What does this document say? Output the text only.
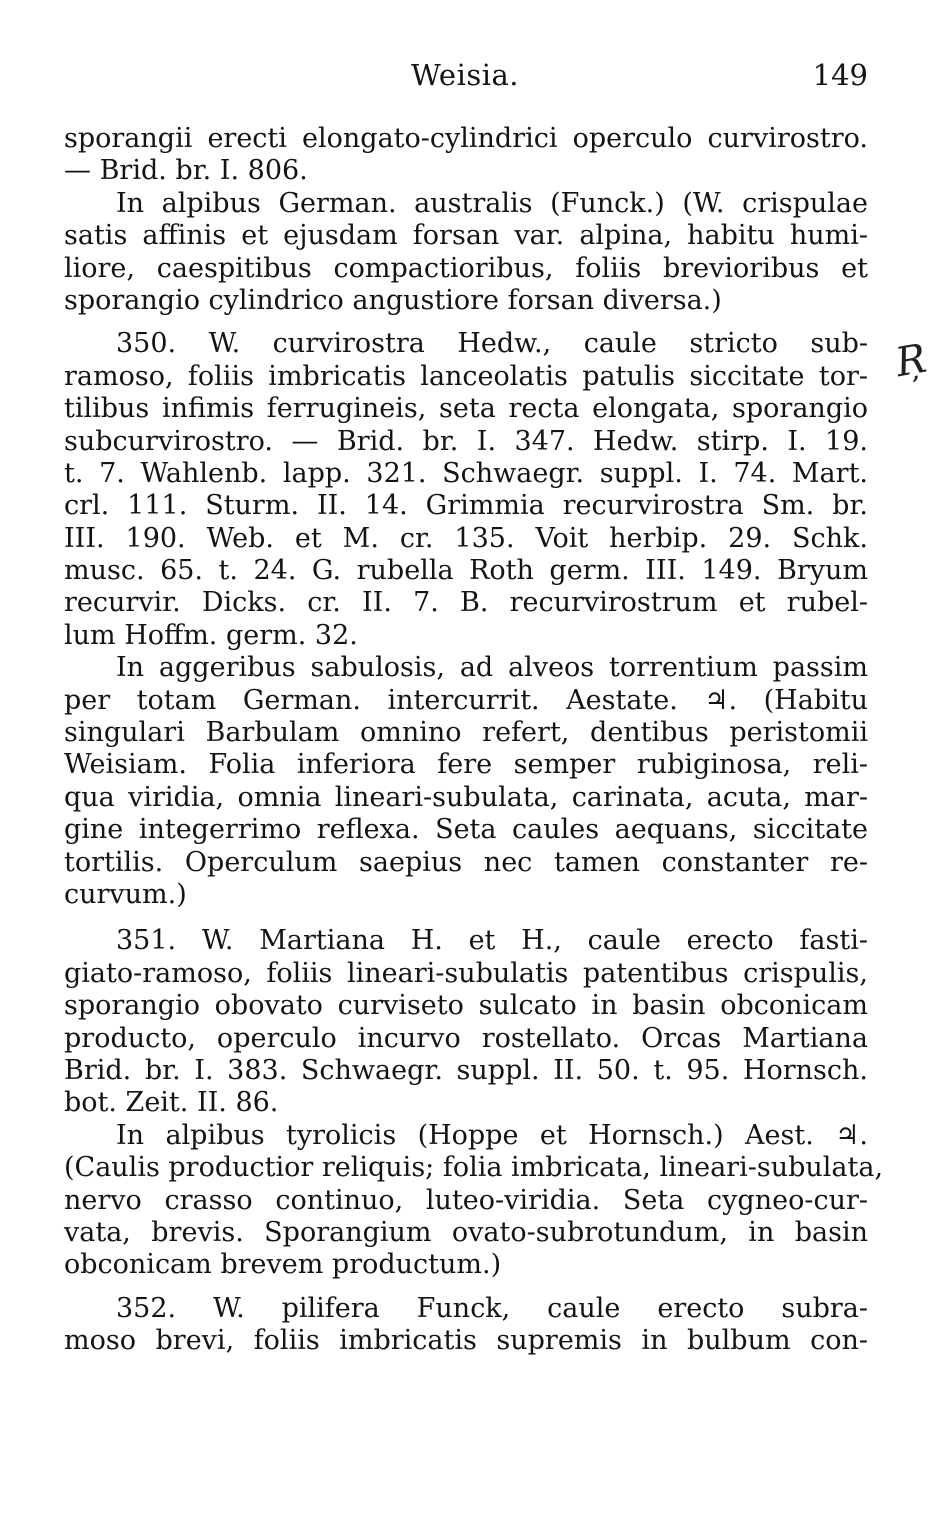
Weisia.	149
Ŗ
sporangii erecti elongato-cylindrici operculo curvirostro.
— Brid. br. I. 806.
In alpibus German. australis (Funck.) (W. crispulae
satis affinis et ejusdam forsan var. alpina, habitu humi-
liore, caespitibus compactioribus, foliis brevioribus et
sporangio cylindrico angustiore forsan diversa.)
350. W. curvirostra Hedw., caule stricto sub-
ramoso, foliis imbricatis lanceolatis patulis siccitate tor-
tilibus infimis ferrugineis, seta recta elongata, sporangio
subcurvirostro. — Brid. br. I. 347. Hedw. stirp. I. 19.
t. 7. Wahlenb. lapp. 321. Schwaegr. suppl. I. 74. Mart.
crl. 111. Sturm. II. 14. Grimmia recurvirostra Sm. br.
III. 190. Web. et M. cr. 135. Voit herbip. 29. Schk.
musc. 65. t. 24. G. rubella Roth germ. III. 149. Bryum
recurvir. Dicks. cr. II. 7. B. recurvirostrum et rubel-
lum Hoffm. germ. 32.
In aggeribus sabulosis, ad alveos torrentium passim
per totam German. intercurrit. Aestate. ♃. (Habitu
singulari Barbulam omnino refert, dentibus peristomii
Weisiam. Folia inferiora fere semper rubiginosa, reli-
qua viridia, omnia lineari-subulata, carinata, acuta, mar-
gine integerrimo reflexa. Seta caules aequans, siccitate
tortilis. Operculum saepius nec tamen constanter re-
curvum.)
351. W. Martiana H. et H., caule erecto fasti-
giato-ramoso, foliis lineari-subulatis patentibus crispulis,
sporangio obovato curviseto sulcato in basin obconicam
producto, operculo incurvo rostellato. Orcas Martiana
Brid. br. I. 383. Schwaegr. suppl. II. 50. t. 95. Hornsch.
bot. Zeit. II. 86.
In alpibus tyrolicis (Hoppe et Hornsch.) Aest. ♃.
(Caulis productior reliquis; folia imbricata, lineari-subulata,
nervo crasso continuo, luteo-viridia. Seta cygneo-cur-
vata, brevis. Sporangium ovato-subrotundum, in basin
obconicam brevem productum.)
352. W. pilifera Funck, caule erecto subra-
moso brevi, foliis imbricatis supremis in bulbum con-
